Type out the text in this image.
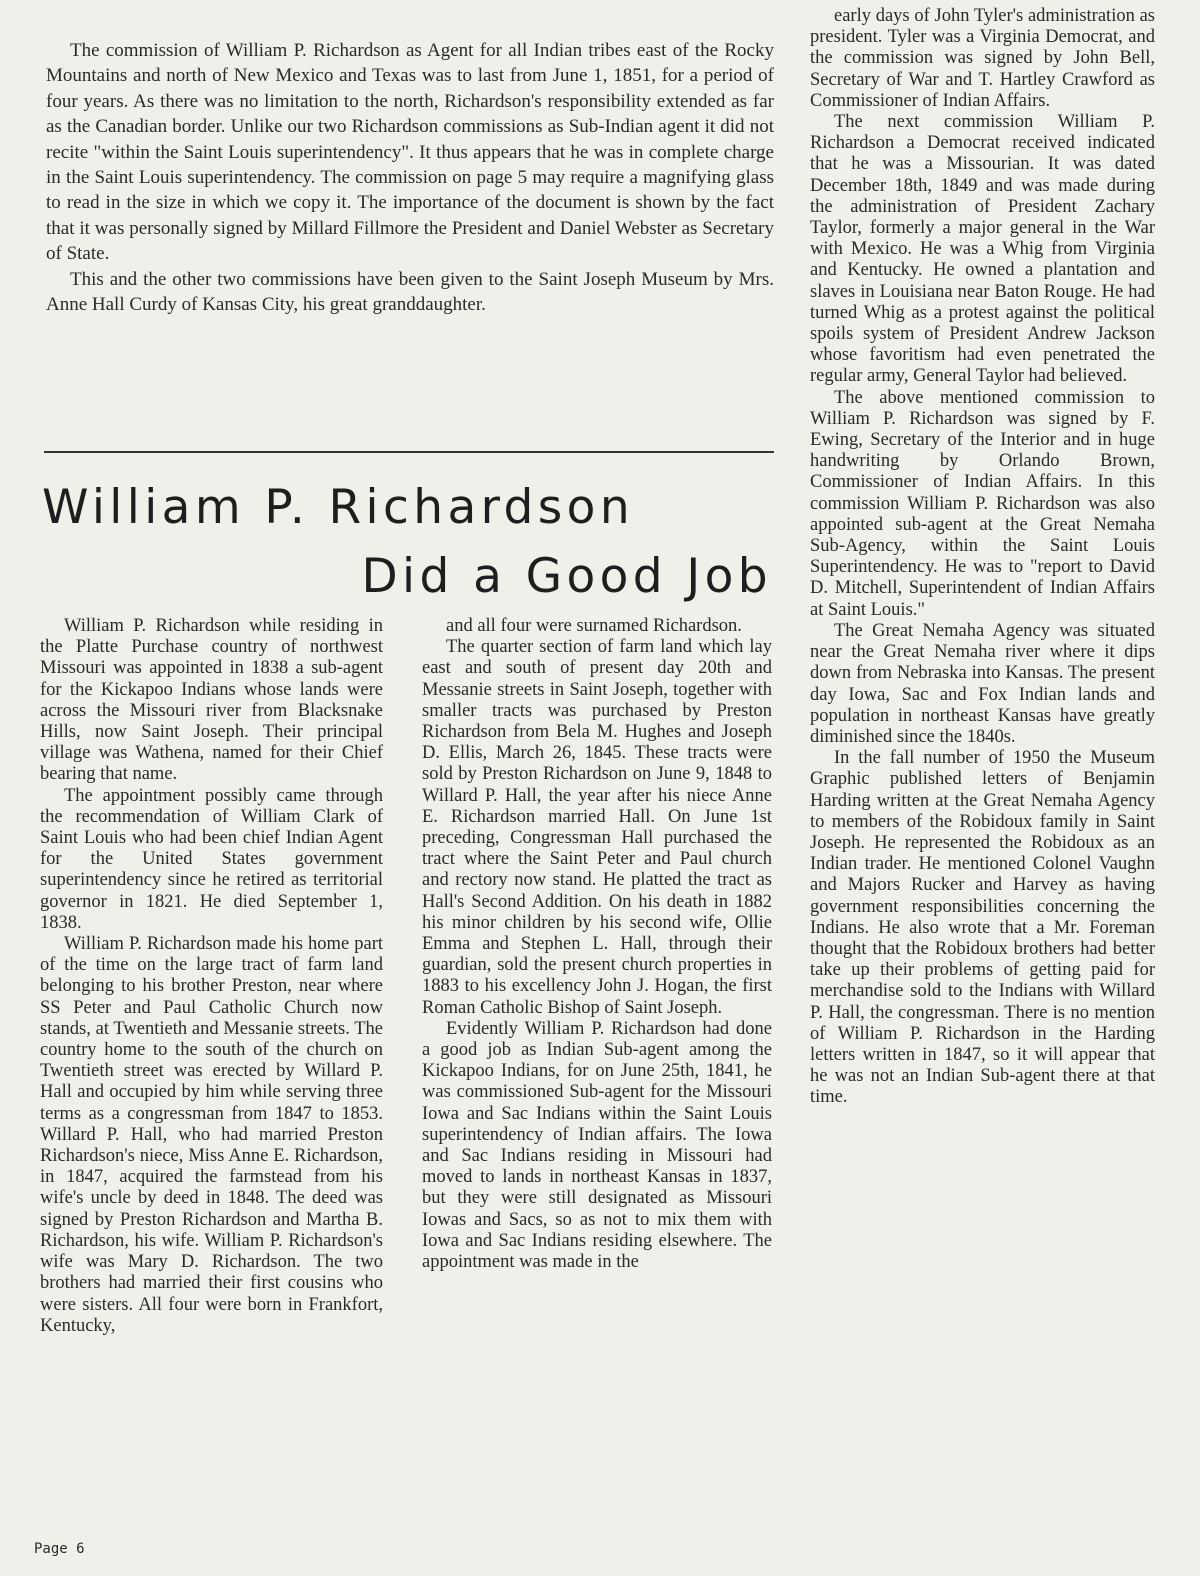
The commission of William P. Richardson as Agent for all Indian tribes east of the Rocky Mountains and north of New Mexico and Texas was to last from June 1, 1851, for a period of four years. As there was no limitation to the north, Richardson's responsibility extended as far as the Canadian border. Unlike our two Richardson commissions as Sub-Indian agent it did not recite "within the Saint Louis superintendency". It thus appears that he was in complete charge in the Saint Louis superintendency. The commission on page 5 may require a magnifying glass to read in the size in which we copy it. The importance of the document is shown by the fact that it was personally signed by Millard Fillmore the President and Daniel Webster as Secretary of State.

This and the other two commissions have been given to the Saint Joseph Museum by Mrs. Anne Hall Curdy of Kansas City, his great granddaughter.

William P. Richardson
Did a Good Job

William P. Richardson while residing in the Platte Purchase country of northwest Missouri was appointed in 1838 a sub-agent for the Kickapoo Indians whose lands were across the Missouri river from Blacksnake Hills, now Saint Joseph. Their principal village was Wathena, named for their Chief bearing that name.

The appointment possibly came through the recommendation of William Clark of Saint Louis who had been chief Indian Agent for the United States government superintendency since he retired as territorial governor in 1821. He died September 1, 1838.

William P. Richardson made his home part of the time on the large tract of farm land belonging to his brother Preston, near where SS Peter and Paul Catholic Church now stands, at Twentieth and Messanie streets. The country home to the south of the church on Twentieth street was erected by Willard P. Hall and occupied by him while serving three terms as a congressman from 1847 to 1853. Willard P. Hall, who had married Preston Richardson's niece, Miss Anne E. Richardson, in 1847, acquired the farmstead from his wife's uncle by deed in 1848. The deed was signed by Preston Richardson and Martha B. Richardson, his wife. William P. Richardson's wife was Mary D. Richardson. The two brothers had married their first cousins who were sisters. All four were born in Frankfort, Kentucky,

and all four were surnamed Richardson.

The quarter section of farm land which lay east and south of present day 20th and Messanie streets in Saint Joseph, together with smaller tracts was purchased by Preston Richardson from Bela M. Hughes and Joseph D. Ellis, March 26, 1845. These tracts were sold by Preston Richardson on June 9, 1848 to Willard P. Hall, the year after his niece Anne E. Richardson married Hall. On June 1st preceding, Congressman Hall purchased the tract where the Saint Peter and Paul church and rectory now stand. He platted the tract as Hall's Second Addition. On his death in 1882 his minor children by his second wife, Ollie Emma and Stephen L. Hall, through their guardian, sold the present church properties in 1883 to his excellency John J. Hogan, the first Roman Catholic Bishop of Saint Joseph.

Evidently William P. Richardson had done a good job as Indian Sub-agent among the Kickapoo Indians, for on June 25th, 1841, he was commissioned Sub-agent for the Missouri Iowa and Sac Indians within the Saint Louis superintendency of Indian affairs. The Iowa and Sac Indians residing in Missouri had moved to lands in northeast Kansas in 1837, but they were still designated as Missouri Iowas and Sacs, so as not to mix them with Iowa and Sac Indians residing elsewhere. The appointment was made in the

early days of John Tyler's administration as president. Tyler was a Virginia Democrat, and the commission was signed by John Bell, Secretary of War and T. Hartley Crawford as Commissioner of Indian Affairs.

The next commission William P. Richardson a Democrat received indicated that he was a Missourian. It was dated December 18th, 1849 and was made during the administration of President Zachary Taylor, formerly a major general in the War with Mexico. He was a Whig from Virginia and Kentucky. He owned a plantation and slaves in Louisiana near Baton Rouge. He had turned Whig as a protest against the political spoils system of President Andrew Jackson whose favoritism had even penetrated the regular army, General Taylor had believed.

The above mentioned commission to William P. Richardson was signed by F. Ewing, Secretary of the Interior and in huge handwriting by Orlando Brown, Commissioner of Indian Affairs. In this commission William P. Richardson was also appointed sub-agent at the Great Nemaha Sub-Agency, within the Saint Louis Superintendency. He was to "report to David D. Mitchell, Superintendent of Indian Affairs at Saint Louis."

The Great Nemaha Agency was situated near the Great Nemaha river where it dips down from Nebraska into Kansas. The present day Iowa, Sac and Fox Indian lands and population in northeast Kansas have greatly diminished since the 1840s.

In the fall number of 1950 the Museum Graphic published letters of Benjamin Harding written at the Great Nemaha Agency to members of the Robidoux family in Saint Joseph. He represented the Robidoux as an Indian trader. He mentioned Colonel Vaughn and Majors Rucker and Harvey as having government responsibilities concerning the Indians. He also wrote that a Mr. Foreman thought that the Robidoux brothers had better take up their problems of getting paid for merchandise sold to the Indians with Willard P. Hall, the congressman. There is no mention of William P. Richardson in the Harding letters written in 1847, so it will appear that he was not an Indian Sub-agent there at that time.

Page 6
